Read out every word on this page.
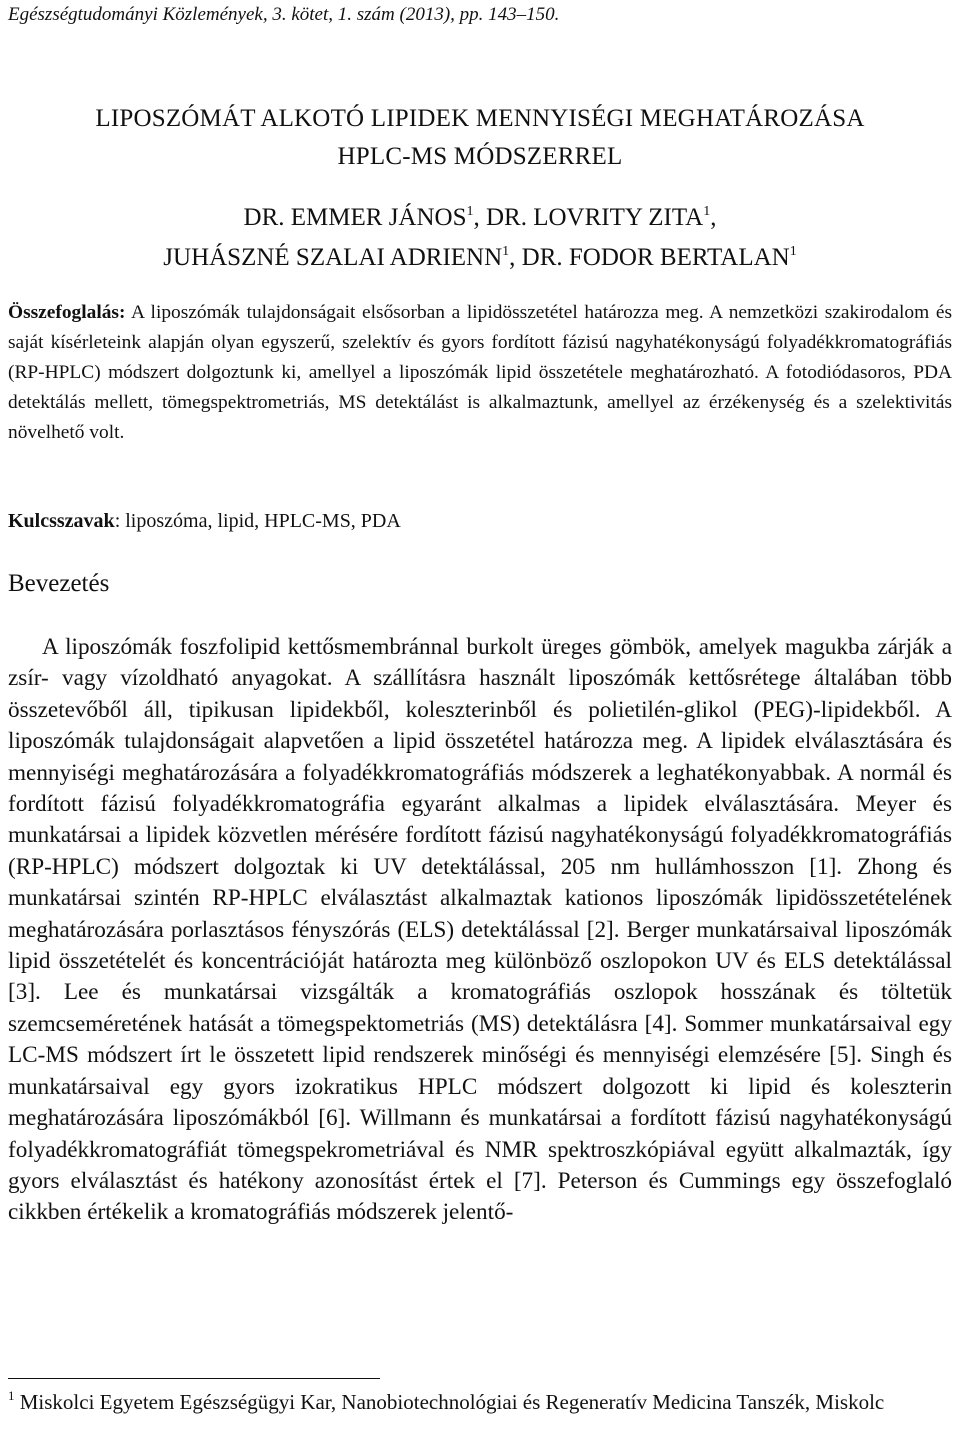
Egészségtudományi Közlemények, 3. kötet, 1. szám (2013), pp. 143–150.
LIPOSZÓMÁT ALKOTÓ LIPIDEK MENNYISÉGI MEGHATÁROZÁSA
HPLC-MS MÓDSZERREL
DR. EMMER JÁNOS$^1$, DR. LOVRITY ZITA$^1$,
JUHÁSZNÉ SZALAI ADRIENN$^1$, DR. FODOR BERTALAN$^1$
Összefoglalás: A liposzómák tulajdonságait elsősorban a lipidösszetétel határozza meg. A nemzetközi szakirodalom és saját kísérleteink alapján olyan egyszerű, szelektív és gyors fordított fázisú nagyhatékonyságú folyadékkromatográfiás (RP-HPLC) módszert dolgoztunk ki, amellyel a liposzómák lipid összetétele meghatározható. A fotodiódasoros, PDA detektálás mellett, tömegspektrometriás, MS detektálást is alkalmaztunk, amellyel az érzékenység és a szelektivitás növelhető volt.
Kulcsszavak: liposzóma, lipid, HPLC-MS, PDA
Bevezetés
A liposzómák foszfolipid kettősmembránnal burkolt üreges gömbök, amelyek magukba zárják a zsír- vagy vízoldható anyagokat. A szállításra használt liposzómák kettősrétege általában több összetevőből áll, tipikusan lipidekből, koleszterinből és polietilén-glikol (PEG)-lipidekből. A liposzómák tulajdonságait alapvetően a lipid összetétel határozza meg. A lipidek elválasztására és mennyiségi meghatározására a folyadékkromatográfiás módszerek a leghatékonyabbak. A normál és fordított fázisú folyadékkromatográfia egyaránt alkalmas a lipidek elválasztására. Meyer és munkatársai a lipidek közvetlen mérésére fordított fázisú nagyhatékonyságú folyadékkromatográfiás (RP-HPLC) módszert dolgoztak ki UV detektálással, 205 nm hullámhosszon [1]. Zhong és munkatársai szintén RP-HPLC elválasztást alkalmaztak kationos liposzómák lipidösszetételének meghatározására porlasztásos fényszórás (ELS) detektálással [2]. Berger munkatársaival liposzómák lipid összetételét és koncentrációját határozta meg különböző oszlopokon UV és ELS detektálással [3]. Lee és munkatársai vizsgálták a kromatográfiás oszlopok hosszának és töltetük szemcseméretének hatását a tömegspektometriás (MS) detektálásra [4]. Sommer munkatársaival egy LC-MS módszert írt le összetett lipid rendszerek minőségi és mennyiségi elemzésére [5]. Singh és munkatársaival egy gyors izokratikus HPLC módszert dolgozott ki lipid és koleszterin meghatározására liposzómákból [6]. Willmann és munkatársai a fordított fázisú nagyhatékonyságú folyadékkromatográfiát tömegspekrometriával és NMR spektroszkópiával együtt alkalmazták, így gyors elválasztást és hatékony azonosítást értek el [7]. Peterson és Cummings egy összefoglaló cikkben értékelik a kromatográfiás módszerek jelentő-
$^1$ Miskolci Egyetem Egészségügyi Kar, Nanobiotechnológiai és Regeneratív Medicina Tanszék, Miskolc
